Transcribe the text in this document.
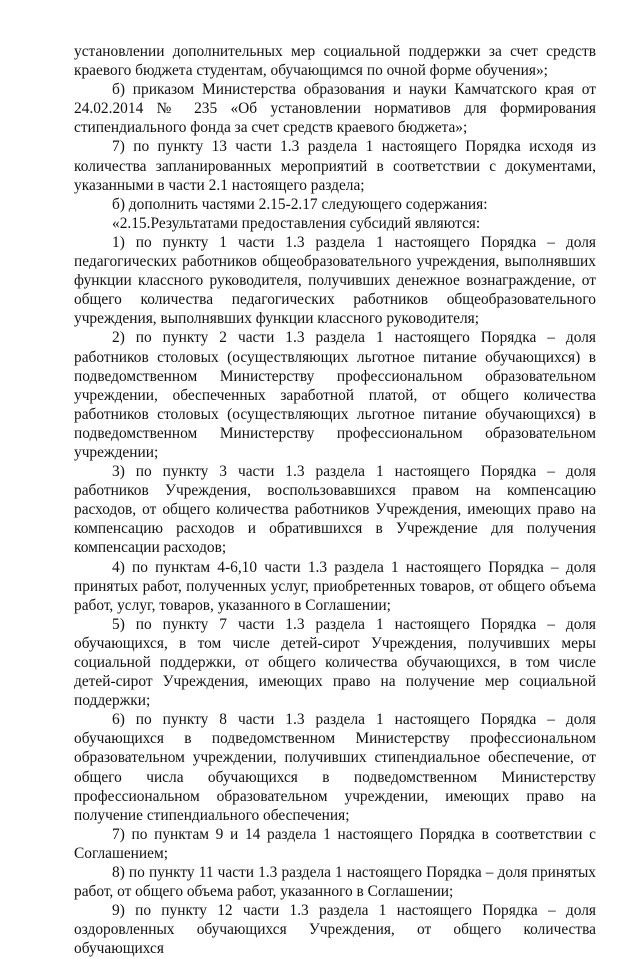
установлении дополнительных мер социальной поддержки за счет средств краевого бюджета студентам, обучающимся по очной форме обучения»;

б) приказом Министерства образования и науки Камчатского края от 24.02.2014 № 235 «Об установлении нормативов для формирования стипендиального фонда за счет средств краевого бюджета»;

7) по пункту 13 части 1.3 раздела 1 настоящего Порядка исходя из количества запланированных мероприятий в соответствии с документами, указанными в части 2.1 настоящего раздела;

б) дополнить частями 2.15-2.17 следующего содержания:

«2.15.Результатами предоставления субсидий являются:

1) по пункту 1 части 1.3 раздела 1 настоящего Порядка – доля педагогических работников общеобразовательного учреждения, выполнявших функции классного руководителя, получивших денежное вознаграждение, от общего количества педагогических работников общеобразовательного учреждения, выполнявших функции классного руководителя;

2) по пункту 2 части 1.3 раздела 1 настоящего Порядка – доля работников столовых (осуществляющих льготное питание обучающихся) в подведомственном Министерству профессиональном образовательном учреждении, обеспеченных заработной платой, от общего количества работников столовых (осуществляющих льготное питание обучающихся) в подведомственном Министерству профессиональном образовательном учреждении;

3) по пункту 3 части 1.3 раздела 1 настоящего Порядка – доля работников Учреждения, воспользовавшихся правом на компенсацию расходов, от общего количества работников Учреждения, имеющих право на компенсацию расходов и обратившихся в Учреждение для получения компенсации расходов;

4) по пунктам 4-6,10 части 1.3 раздела 1 настоящего Порядка – доля принятых работ, полученных услуг, приобретенных товаров, от общего объема работ, услуг, товаров, указанного в Соглашении;

5) по пункту 7 части 1.3 раздела 1 настоящего Порядка – доля обучающихся, в том числе детей-сирот Учреждения, получивших меры социальной поддержки, от общего количества обучающихся, в том числе детей-сирот Учреждения, имеющих право на получение мер социальной поддержки;

6) по пункту 8 части 1.3 раздела 1 настоящего Порядка – доля обучающихся в подведомственном Министерству профессиональном образовательном учреждении, получивших стипендиальное обеспечение, от общего числа обучающихся в подведомственном Министерству профессиональном образовательном учреждении, имеющих право на получение стипендиального обеспечения;

7) по пунктам 9 и 14 раздела 1 настоящего Порядка в соответствии с Соглашением;

8) по пункту 11 части 1.3 раздела 1 настоящего Порядка – доля принятых работ, от общего объема работ, указанного в Соглашении;

9) по пункту 12 части 1.3 раздела 1 настоящего Порядка – доля оздоровленных обучающихся Учреждения, от общего количества обучающихся
